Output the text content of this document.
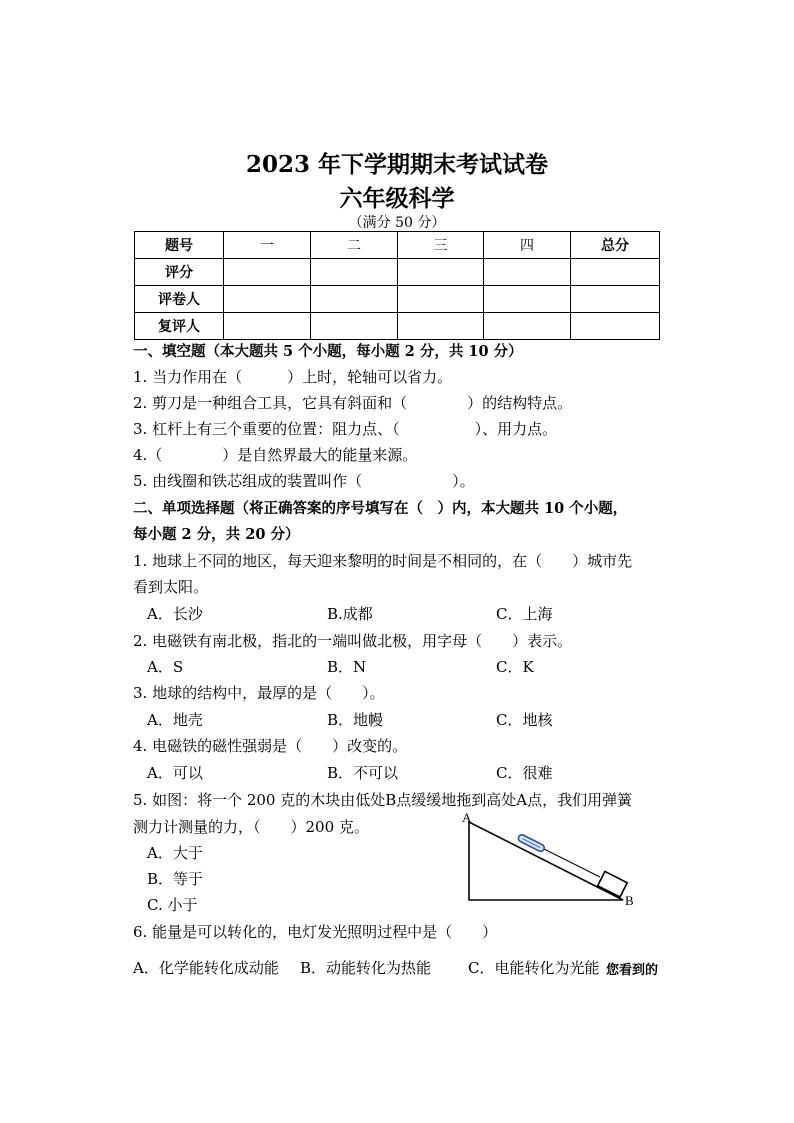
2023 年下学期期末考试试卷
六年级科学
（满分 50 分）
题号	一	二	三	四	总分
评分					
评卷人					
复评人					
一、填空题（本大题共 5 个小题，每小题 2 分，共 10 分）
1. 当力作用在（　　　）上时，轮轴可以省力。
2. 剪刀是一种组合工具，它具有斜面和（　　　　）的结构特点。
3. 杠杆上有三个重要的位置：阻力点、（　　　　　）、用力点。
4.（　　　　）是自然界最大的能量来源。
5. 由线圈和铁芯组成的装置叫作（　　　　　　）。
二、单项选择题（将正确答案的序号填写在（　）内，本大题共 10 个小题，
每小题 2 分，共 20 分）
1. 地球上不同的地区，每天迎来黎明的时间是不相同的，在（　　）城市先
看到太阳。
A．长沙	B.成都	C．上海
2. 电磁铁有南北极，指北的一端叫做北极，用字母（　　）表示。
A．S	B．N	C．K
3. 地球的结构中，最厚的是（　　）。
A．地壳	B．地幔	C．地核
4. 电磁铁的磁性强弱是（　　）改变的。
A．可以	B．不可以	C．很难
5. 如图：将一个 200 克的木块由低处B点缓缓地拖到高处A点，我们用弹簧
测力计测量的力，（　　）200 克。
A．大于
B．等于
C. 小于
A
B
6. 能量是可以转化的，电灯发光照明过程中是（　　）
A．化学能转化成动能 B．动能转化为热能 C．电能转化为光能 您看到的
